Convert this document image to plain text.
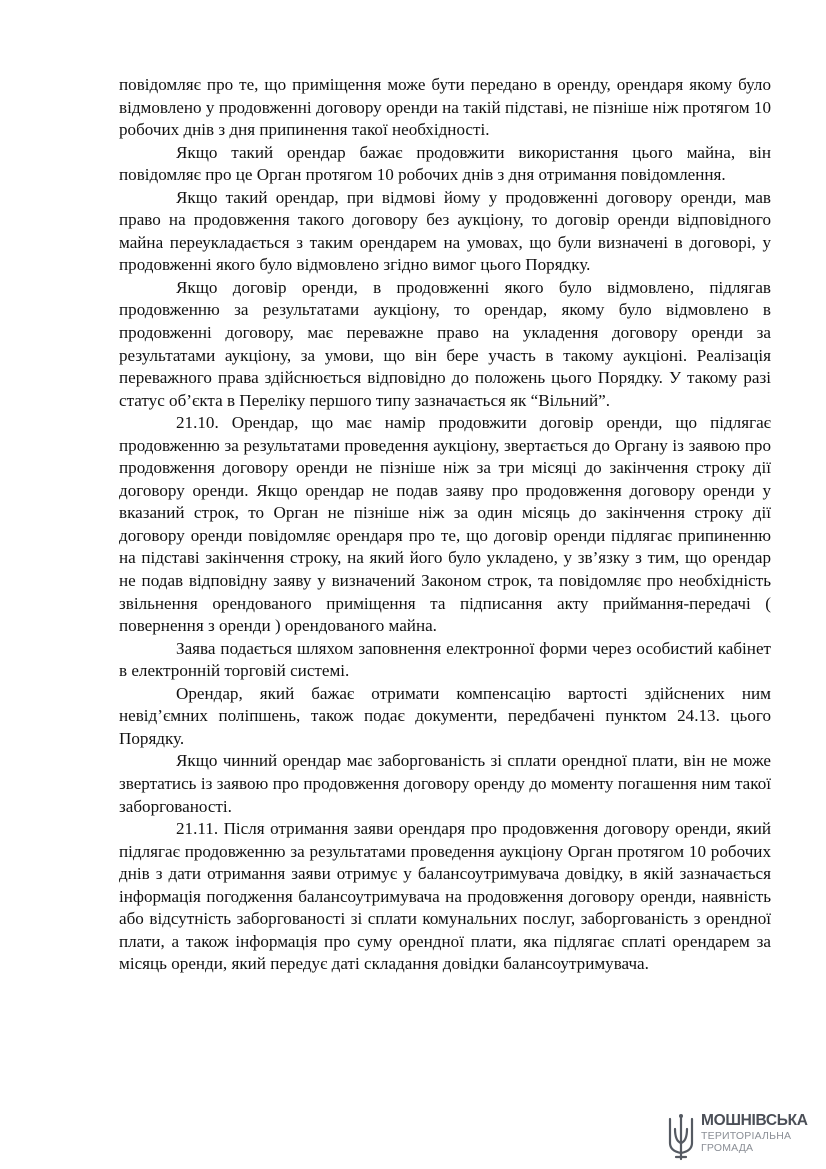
повідомляє про те, що приміщення може бути передано в оренду, орендаря якому було відмовлено у продовженні договору оренди на такій підставі, не пізніше ніж протягом 10 робочих днів з дня припинення такої необхідності.

Якщо такий орендар бажає продовжити використання цього майна, він повідомляє про це Орган протягом 10 робочих днів з дня отримання повідомлення.

Якщо такий орендар, при відмові йому у продовженні договору оренди, мав право на продовження такого договору без аукціону, то договір оренди відповідного майна переукладається з таким орендарем на умовах, що були визначені в договорі, у продовженні якого було відмовлено згідно вимог цього Порядку.

Якщо договір оренди, в продовженні якого було відмовлено, підлягав продовженню за результатами аукціону, то орендар, якому було відмовлено в продовженні договору, має переважне право на укладення договору оренди за результатами аукціону, за умови, що він бере участь в такому аукціоні. Реалізація переважного права здійснюється відповідно до положень цього Порядку. У такому разі статус об’єкта в Переліку першого типу зазначається як “Вільний”.

21.10. Орендар, що має намір продовжити договір оренди, що підлягає продовженню за результатами проведення аукціону, звертається до Органу із заявою про продовження договору оренди не пізніше ніж за три місяці до закінчення строку дії договору оренди. Якщо орендар не подав заяву про продовження договору оренди у вказаний строк, то Орган не пізніше ніж за один місяць до закінчення строку дії договору оренди повідомляє орендаря про те, що договір оренди підлягає припиненню на підставі закінчення строку, на який його було укладено, у зв’язку з тим, що орендар не подав відповідну заяву у визначений Законом строк, та повідомляє про необхідність звільнення орендованого приміщення та підписання акту приймання-передачі ( повернення з оренди ) орендованого майна.

Заява подається шляхом заповнення електронної форми через особистий кабінет в електронній торговій системі.

Орендар, який бажає отримати компенсацію вартості здійснених ним невід’ємних поліпшень, також подає документи, передбачені пунктом 24.13. цього Порядку.

Якщо чинний орендар має заборгованість зі сплати орендної плати, він не може звертатись із заявою про продовження договору оренду до моменту погашення ним такої заборгованості.

21.11. Після отримання заяви орендаря про продовження договору оренди, який підлягає продовженню за результатами проведення аукціону Орган протягом 10 робочих днів з дати отримання заяви отримує у балансоутримувача довідку, в якій зазначається інформація погодження балансоутримувача на продовження договору оренди, наявність або відсутність заборгованості зі сплати комунальних послуг, заборгованість з орендної плати, а також інформація про суму орендної плати, яка підлягає сплаті орендарем за місяць оренди, який передує даті складання довідки балансоутримувача.

МОШНІВСЬКА
ТЕРИТОРІАЛЬНА
ГРОМАДА
